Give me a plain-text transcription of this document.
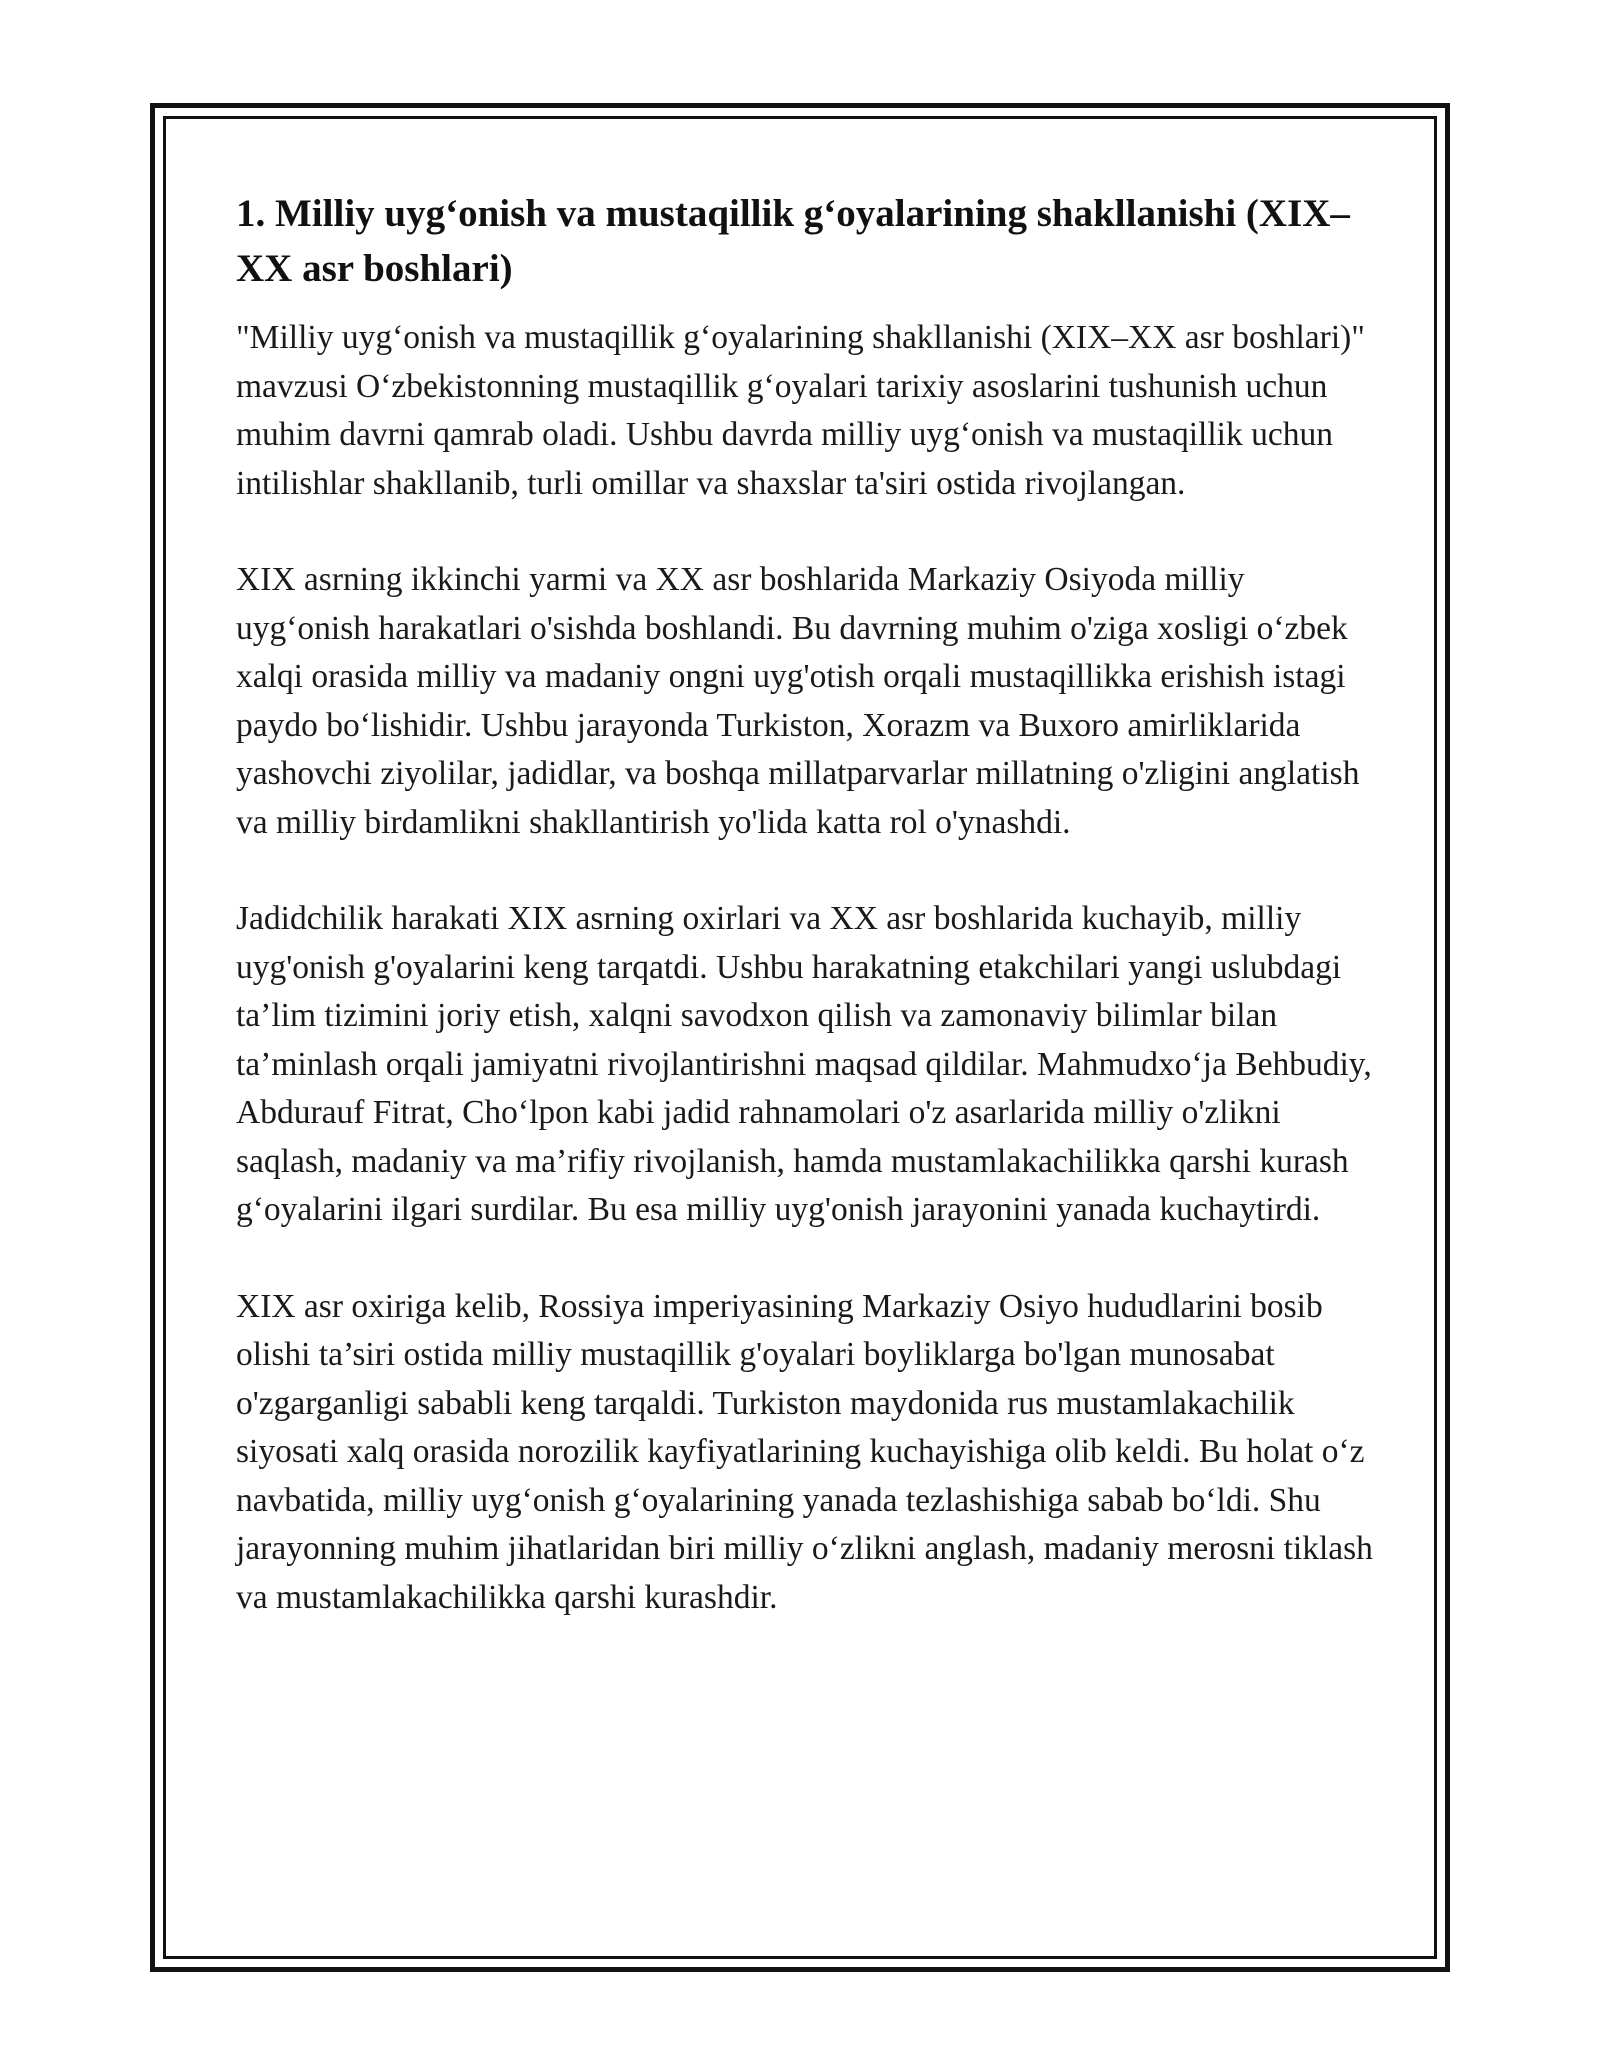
1. Milliy uygʻonish va mustaqillik gʻoyalarining shakllanishi (XIX–XX asr boshlari)

"Milliy uygʻonish va mustaqillik gʻoyalarining shakllanishi (XIX–XX asr boshlari)" mavzusi Oʻzbekistonning mustaqillik gʻoyalari tarixiy asoslarini tushunish uchun muhim davrni qamrab oladi. Ushbu davrda milliy uygʻonish va mustaqillik uchun intilishlar shakllanib, turli omillar va shaxslar ta'siri ostida rivojlangan.

XIX asrning ikkinchi yarmi va XX asr boshlarida Markaziy Osiyoda milliy uygʻonish harakatlari o'sishda boshlandi. Bu davrning muhim o'ziga xosligi oʻzbek xalqi orasida milliy va madaniy ongni uyg'otish orqali mustaqillikka erishish istagi paydo boʻlishidir. Ushbu jarayonda Turkiston, Xorazm va Buxoro amirliklarida yashovchi ziyolilar, jadidlar, va boshqa millatparvarlar millatning o'zligini anglatish va milliy birdamlikni shakllantirish yo'lida katta rol o'ynashdi.

Jadidchilik harakati XIX asrning oxirlari va XX asr boshlarida kuchayib, milliy uyg'onish g'oyalarini keng tarqatdi. Ushbu harakatning etakchilari yangi uslubdagi ta’lim tizimini joriy etish, xalqni savodxon qilish va zamonaviy bilimlar bilan ta’minlash orqali jamiyatni rivojlantirishni maqsad qildilar. Mahmudxoʻja Behbudiy, Abdurauf Fitrat, Choʻlpon kabi jadid rahnamolari o'z asarlarida milliy o'zlikni saqlash, madaniy va ma’rifiy rivojlanish, hamda mustamlakachilikka qarshi kurash gʻoyalarini ilgari surdilar. Bu esa milliy uyg'onish jarayonini yanada kuchaytirdi.

XIX asr oxiriga kelib, Rossiya imperiyasining Markaziy Osiyo hududlarini bosib olishi ta’siri ostida milliy mustaqillik g'oyalari boyliklarga bo'lgan munosabat o'zgarganligi sababli keng tarqaldi. Turkiston maydonida rus mustamlakachilik siyosati xalq orasida norozilik kayfiyatlarining kuchayishiga olib keldi. Bu holat oʻz navbatida, milliy uygʻonish gʻoyalarining yanada tezlashishiga sabab boʻldi. Shu jarayonning muhim jihatlaridan biri milliy oʻzlikni anglash, madaniy merosni tiklash va mustamlakachilikka qarshi kurashdir.
